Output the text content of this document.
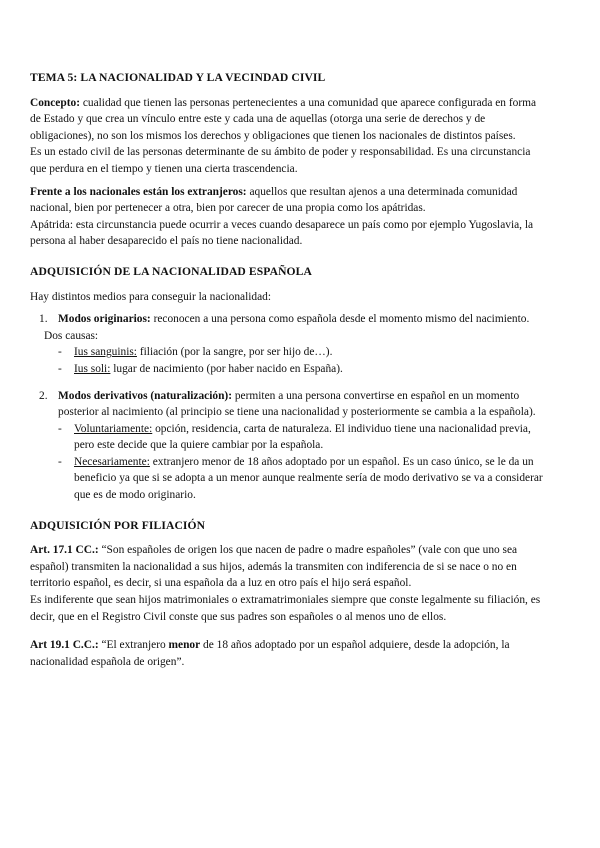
TEMA 5: LA NACIONALIDAD Y LA VECINDAD CIVIL
Concepto: cualidad que tienen las personas pertenecientes a una comunidad que aparece configurada en forma
de Estado y que crea un vínculo entre este y cada una de aquellas (otorga una serie de derechos y de
obligaciones), no son los mismos los derechos y obligaciones que tienen los nacionales de distintos países.
Es un estado civil de las personas determinante de su ámbito de poder y responsabilidad. Es una circunstancia
que perdura en el tiempo y tienen una cierta trascendencia.
Frente a los nacionales están los extranjeros: aquellos que resultan ajenos a una determinada comunidad
nacional, bien por pertenecer a otra, bien por carecer de una propia como los apátridas.
Apátrida: esta circunstancia puede ocurrir a veces cuando desaparece un país como por ejemplo Yugoslavia, la
persona al haber desaparecido el país no tiene nacionalidad.
ADQUISICIÓN DE LA NACIONALIDAD ESPAÑOLA
Hay distintos medios para conseguir la nacionalidad:
1. Modos originarios: reconocen a una persona como española desde el momento mismo del nacimiento.
Dos causas:
- Ius sanguinis: filiación (por la sangre, por ser hijo de…).
- Ius soli: lugar de nacimiento (por haber nacido en España).
2. Modos derivativos (naturalización): permiten a una persona convertirse en español en un momento
posterior al nacimiento (al principio se tiene una nacionalidad y posteriormente se cambia a la española).
- Voluntariamente: opción, residencia, carta de naturaleza. El individuo tiene una nacionalidad previa,
pero este decide que la quiere cambiar por la española.
- Necesariamente: extranjero menor de 18 años adoptado por un español. Es un caso único, se le da un
beneficio ya que si se adopta a un menor aunque realmente sería de modo derivativo se va a considerar
que es de modo originario.
ADQUISICIÓN POR FILIACIÓN
Art. 17.1 CC.: “Son españoles de origen los que nacen de padre o madre españoles” (vale con que uno sea
español) transmiten la nacionalidad a sus hijos, además la transmiten con indiferencia de si se nace o no en
territorio español, es decir, si una española da a luz en otro país el hijo será español.
Es indiferente que sean hijos matrimoniales o extramatrimoniales siempre que conste legalmente su filiación, es
decir, que en el Registro Civil conste que sus padres son españoles o al menos uno de ellos.
Art 19.1 C.C.: “El extranjero menor de 18 años adoptado por un español adquiere, desde la adopción, la
nacionalidad española de origen”.
